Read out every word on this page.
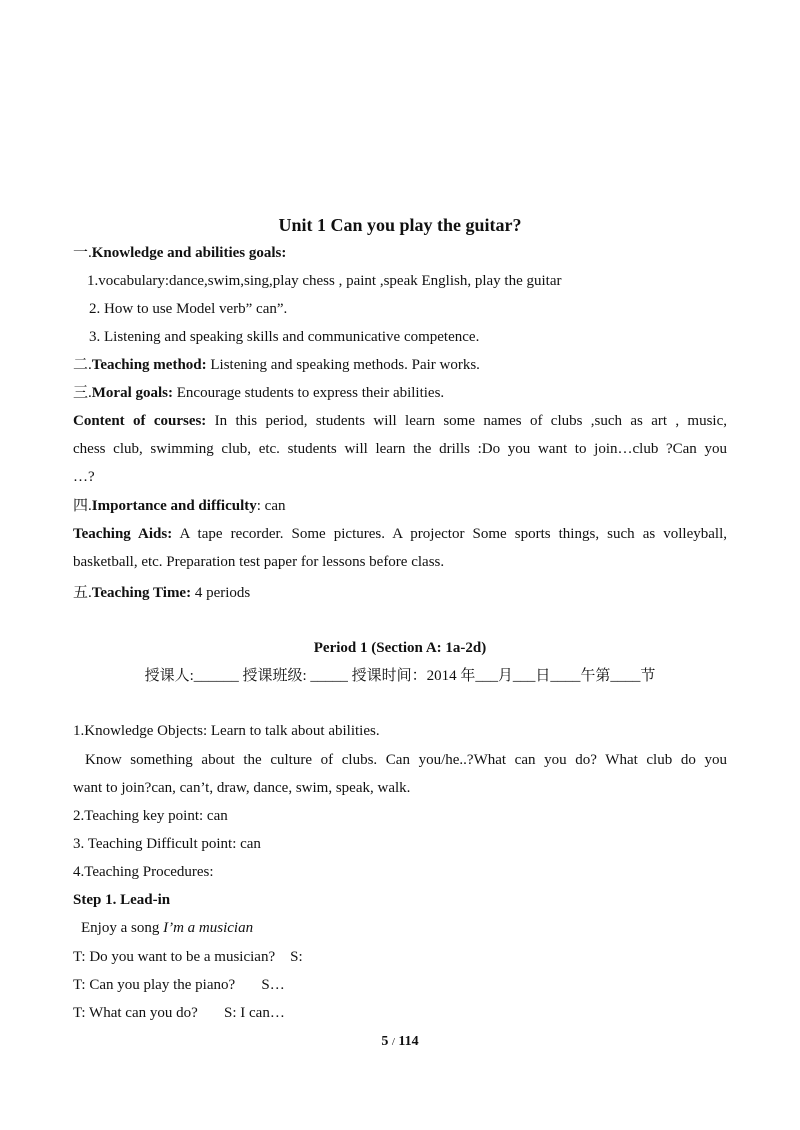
Unit 1 Can you play the guitar?
一.Knowledge and abilities goals:
1.vocabulary:dance,swim,sing,play chess , paint ,speak English, play the guitar
2. How to use Model verb” can”.
3. Listening and speaking skills and communicative competence.
二.Teaching method: Listening and speaking methods. Pair works.
三.Moral goals: Encourage students to express their abilities.
Content of courses: In this period, students will learn some names of clubs ,such as art , music,
chess club, swimming club, etc. students will learn the drills :Do you want to join…club ?Can you
…?
四.Importance and difficulty: can
Teaching Aids: A tape recorder. Some pictures. A projector Some sports things, such as volleyball,
basketball, etc. Preparation test paper for lessons before class.
五.Teaching Time: 4 periods
Period 1 (Section A: 1a-2d)
授课人:______ 授课班级: _____ 授课时间：2014 年___月___日____午第____节
1.Knowledge Objects: Learn to talk about abilities.
Know something about the culture of clubs. Can you/he..?What can you do? What club do you
want to join?can, can’t, draw, dance, swim, speak, walk.
2.Teaching key point: can
3. Teaching Difficult point: can
4.Teaching Procedures:
Step 1. Lead-in
Enjoy a song I’m a musician
T: Do you want to be a musician?    S:
T: Can you play the piano?       S…
T: What can you do?       S: I can…
5 / 114
